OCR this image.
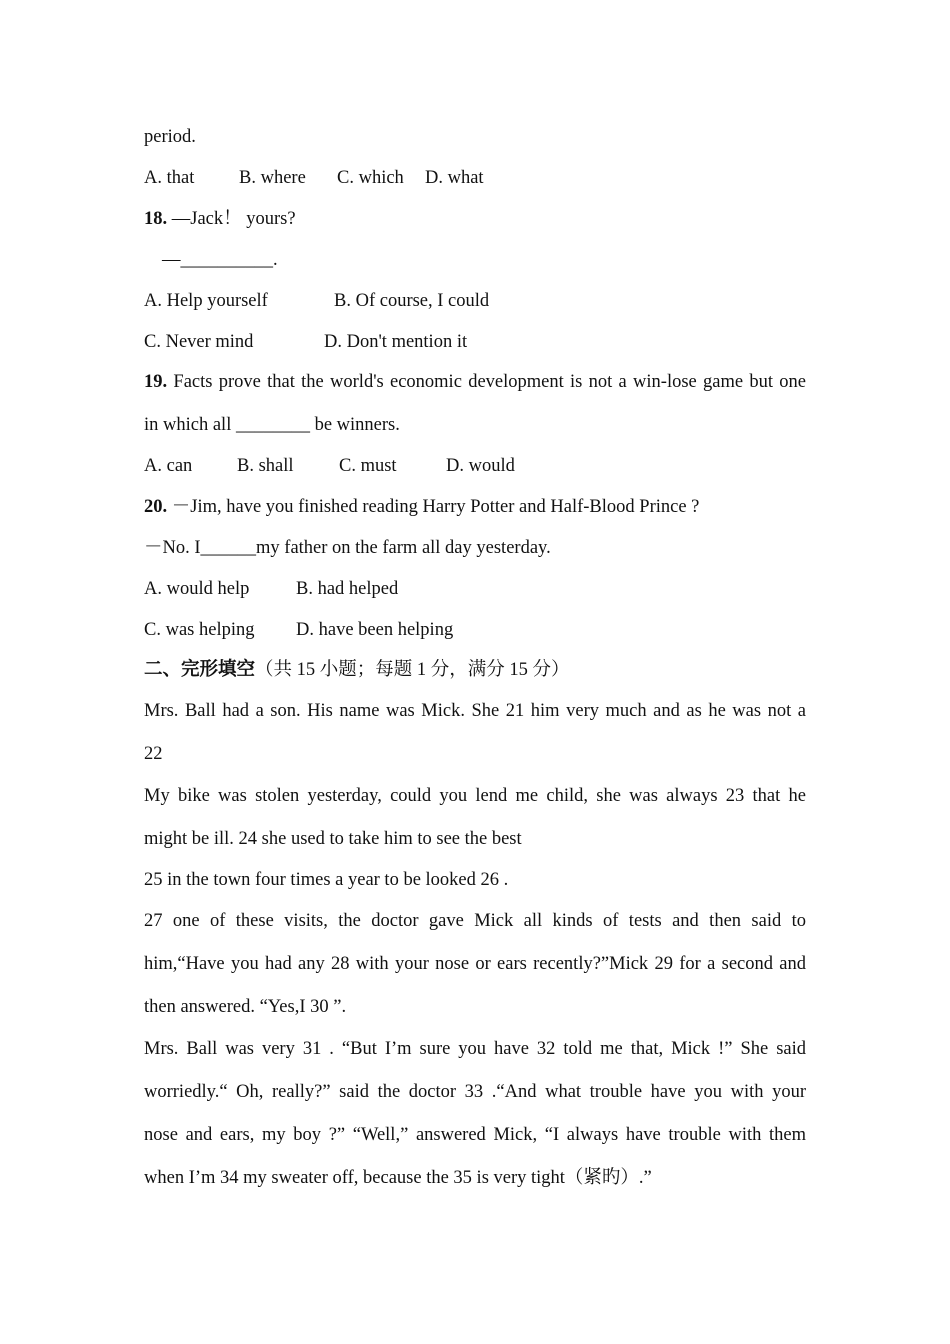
period.
A. that B. where C. which D. what
18. —Jack！ yours?
—__________.
A. Help yourself	B. Of course, I could
C. Never mind	D. Don't mention it
19. Facts prove that the world's economic development is not a win-lose game but one
in which all ________ be winners.
A. can B. shall C. must	D. would
20. －Jim, have you finished reading Harry Potter and Half-Blood Prince ?
－No. I______my father on the farm all day yesterday.
A. would help	B. had helped
C. was helping D. have been helping
二、完形填空（共 15 小题；每题 1 分，满分 15 分）
Mrs. Ball had a son. His name was Mick. She 21 him very much and as he was not a
22
My bike was stolen yesterday, could you lend me child, she was always 23 that he
might be ill. 24 she used to take him to see the best
25 in the town four times a year to be looked 26 .
27 one of these visits, the doctor gave Mick all kinds of tests and then said to
him,“Have you had any 28 with your nose or ears recently?”Mick 29 for a second and
then answered. “Yes,I 30 ”.
Mrs. Ball was very 31 . “But I’m sure you have 32 told me that, Mick !” She said
worriedly.“ Oh, really?” said the doctor 33 .“And what trouble have you with your
nose and ears, my boy ?” “Well,” answered Mick, “I always have trouble with them
when I’m 34 my sweater off, because the 35 is very tight（紧旳）.”
